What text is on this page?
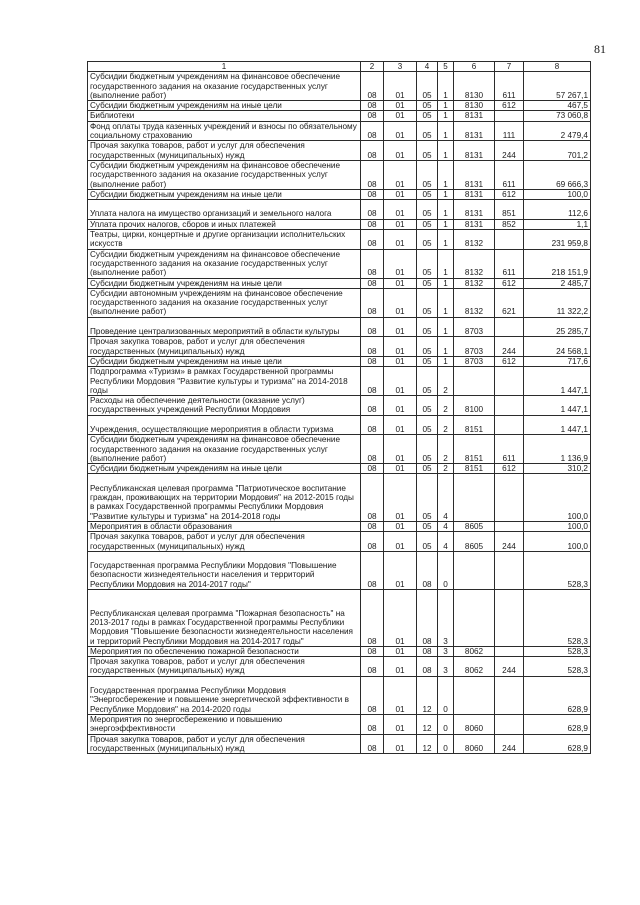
81
1	2	3	4	5	6	7	8
Субсидии бюджетным учреждениям на финансовое обеспечение государственного задания на оказание государственных услуг (выполнение работ)	08	01	05	1	8130	611	57 267,1
Субсидии бюджетным учреждениям на иные цели	08	01	05	1	8130	612	467,5
Библиотеки	08	01	05	1	8131		73 060,8
Фонд оплаты труда казенных учреждений и взносы по обязательному социальному страхованию	08	01	05	1	8131	111	2 479,4
Прочая закупка товаров, работ и услуг для обеспечения государственных (муниципальных) нужд	08	01	05	1	8131	244	701,2
Субсидии бюджетным учреждениям на финансовое обеспечение государственного задания на оказание государственных услуг (выполнение работ)	08	01	05	1	8131	611	69 666,3
Субсидии бюджетным учреждениям на иные цели	08	01	05	1	8131	612	100,0
Уплата налога на имущество организаций и земельного налога	08	01	05	1	8131	851	112,6
Уплата прочих налогов, сборов и иных платежей	08	01	05	1	8131	852	1,1
Театры, цирки, концертные и другие организации исполнительских искусств	08	01	05	1	8132		231 959,8
Субсидии бюджетным учреждениям на финансовое обеспечение государственного задания на оказание государственных услуг (выполнение работ)	08	01	05	1	8132	611	218 151,9
Субсидии бюджетным учреждениям на иные цели	08	01	05	1	8132	612	2 485,7
Субсидии автономным учреждениям на финансовое обеспечение государственного задания на оказание государственных услуг (выполнение работ)	08	01	05	1	8132	621	11 322,2
Проведение централизованных мероприятий в области культуры	08	01	05	1	8703		25 285,7
Прочая закупка товаров, работ и услуг для обеспечения государственных (муниципальных) нужд	08	01	05	1	8703	244	24 568,1
Субсидии бюджетным учреждениям на иные цели	08	01	05	1	8703	612	717,6
Подпрограмма «Туризм» в рамках Государственной программы Республики Мордовия "Развитие культуры и туризма" на 2014-2018 годы	08	01	05	2			1 447,1
Расходы на обеспечение деятельности (оказание услуг) государственных учреждений Республики Мордовия	08	01	05	2	8100		1 447,1
Учреждения, осуществляющие мероприятия в области туризма	08	01	05	2	8151		1 447,1
Субсидии бюджетным учреждениям на финансовое обеспечение государственного задания на оказание государственных услуг (выполнение работ)	08	01	05	2	8151	611	1 136,9
Субсидии бюджетным учреждениям на иные цели	08	01	05	2	8151	612	310,2
Республиканская целевая программа "Патриотическое воспитание граждан, проживающих на территории Мордовия" на 2012-2015 годы в рамках Государственной программы Республики Мордовия "Развитие культуры и туризма" на 2014-2018 годы	08	01	05	4			100,0
Мероприятия в области образования	08	01	05	4	8605		100,0
Прочая закупка товаров, работ и услуг для обеспечения государственных (муниципальных) нужд	08	01	05	4	8605	244	100,0
Государственная программа Республики Мордовия "Повышение безопасности жизнедеятельности населения и территорий Республики Мордовия на 2014-2017 годы"	08	01	08	0			528,3
Республиканская целевая программа "Пожарная безопасность" на 2013-2017 годы в рамках Государственной программы Республики Мордовия "Повышение безопасности жизнедеятельности населения и территорий Республики Мордовия на 2014-2017 годы"	08	01	08	3			528,3
Мероприятия по обеспечению пожарной безопасности	08	01	08	3	8062		528,3
Прочая закупка товаров, работ и услуг для обеспечения государственных (муниципальных) нужд	08	01	08	3	8062	244	528,3
Государственная программа Республики Мордовия "Энергосбережение и повышение энергетической эффективности в Республике Мордовия" на 2014-2020 годы	08	01	12	0			628,9
Мероприятия по энергосбережению и повышению энергоэффективности	08	01	12	0	8060		628,9
Прочая закупка товаров, работ и услуг для обеспечения государственных (муниципальных) нужд	08	01	12	0	8060	244	628,9
